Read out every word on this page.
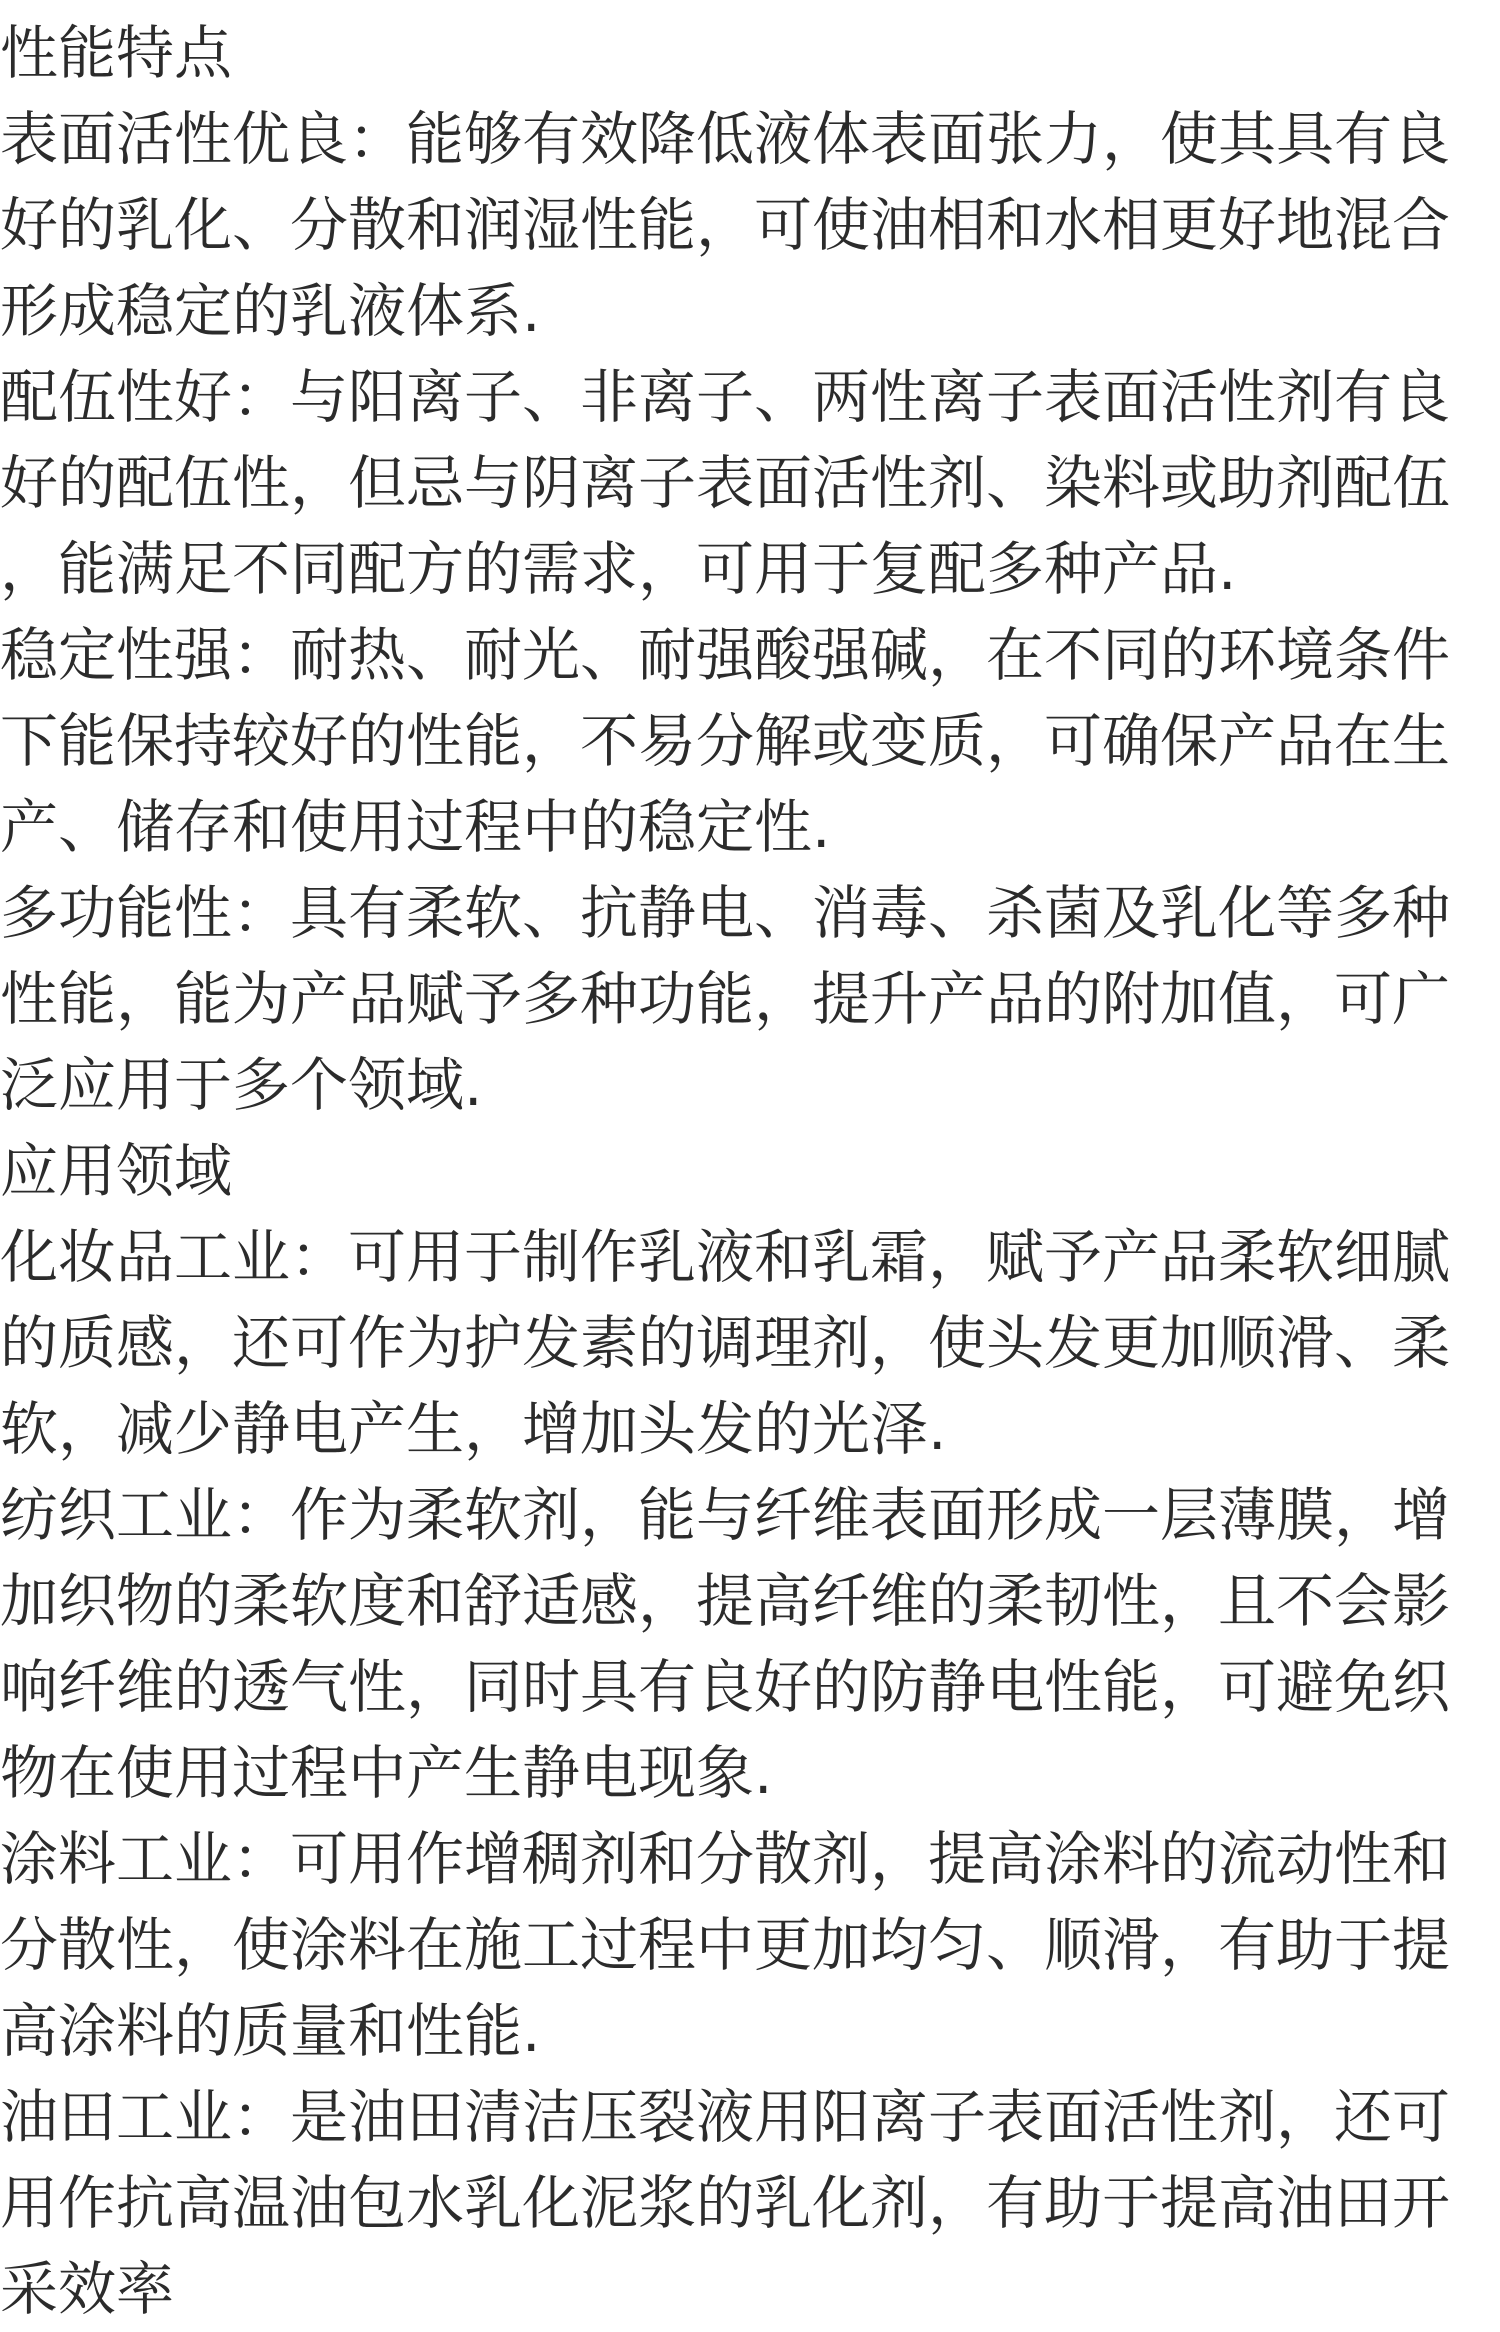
性能特点
表面活性优良：能够有效降低液体表面张力，使其具有良
好的乳化、分散和润湿性能，可使油相和水相更好地混合
形成稳定的乳液体系.
配伍性好：与阳离子、非离子、两性离子表面活性剂有良
好的配伍性，但忌与阴离子表面活性剂、染料或助剂配伍
，能满足不同配方的需求，可用于复配多种产品.
稳定性强：耐热、耐光、耐强酸强碱，在不同的环境条件
下能保持较好的性能，不易分解或变质，可确保产品在生
产、储存和使用过程中的稳定性.
多功能性：具有柔软、抗静电、消毒、杀菌及乳化等多种
性能，能为产品赋予多种功能，提升产品的附加值，可广
泛应用于多个领域.
应用领域
化妆品工业：可用于制作乳液和乳霜，赋予产品柔软细腻
的质感，还可作为护发素的调理剂，使头发更加顺滑、柔
软，减少静电产生，增加头发的光泽.
纺织工业：作为柔软剂，能与纤维表面形成一层薄膜，增
加织物的柔软度和舒适感，提高纤维的柔韧性，且不会影
响纤维的透气性，同时具有良好的防静电性能，可避免织
物在使用过程中产生静电现象.
涂料工业：可用作增稠剂和分散剂，提高涂料的流动性和
分散性，使涂料在施工过程中更加均匀、顺滑，有助于提
高涂料的质量和性能.
油田工业：是油田清洁压裂液用阳离子表面活性剂，还可
用作抗高温油包水乳化泥浆的乳化剂，有助于提高油田开
采效率
